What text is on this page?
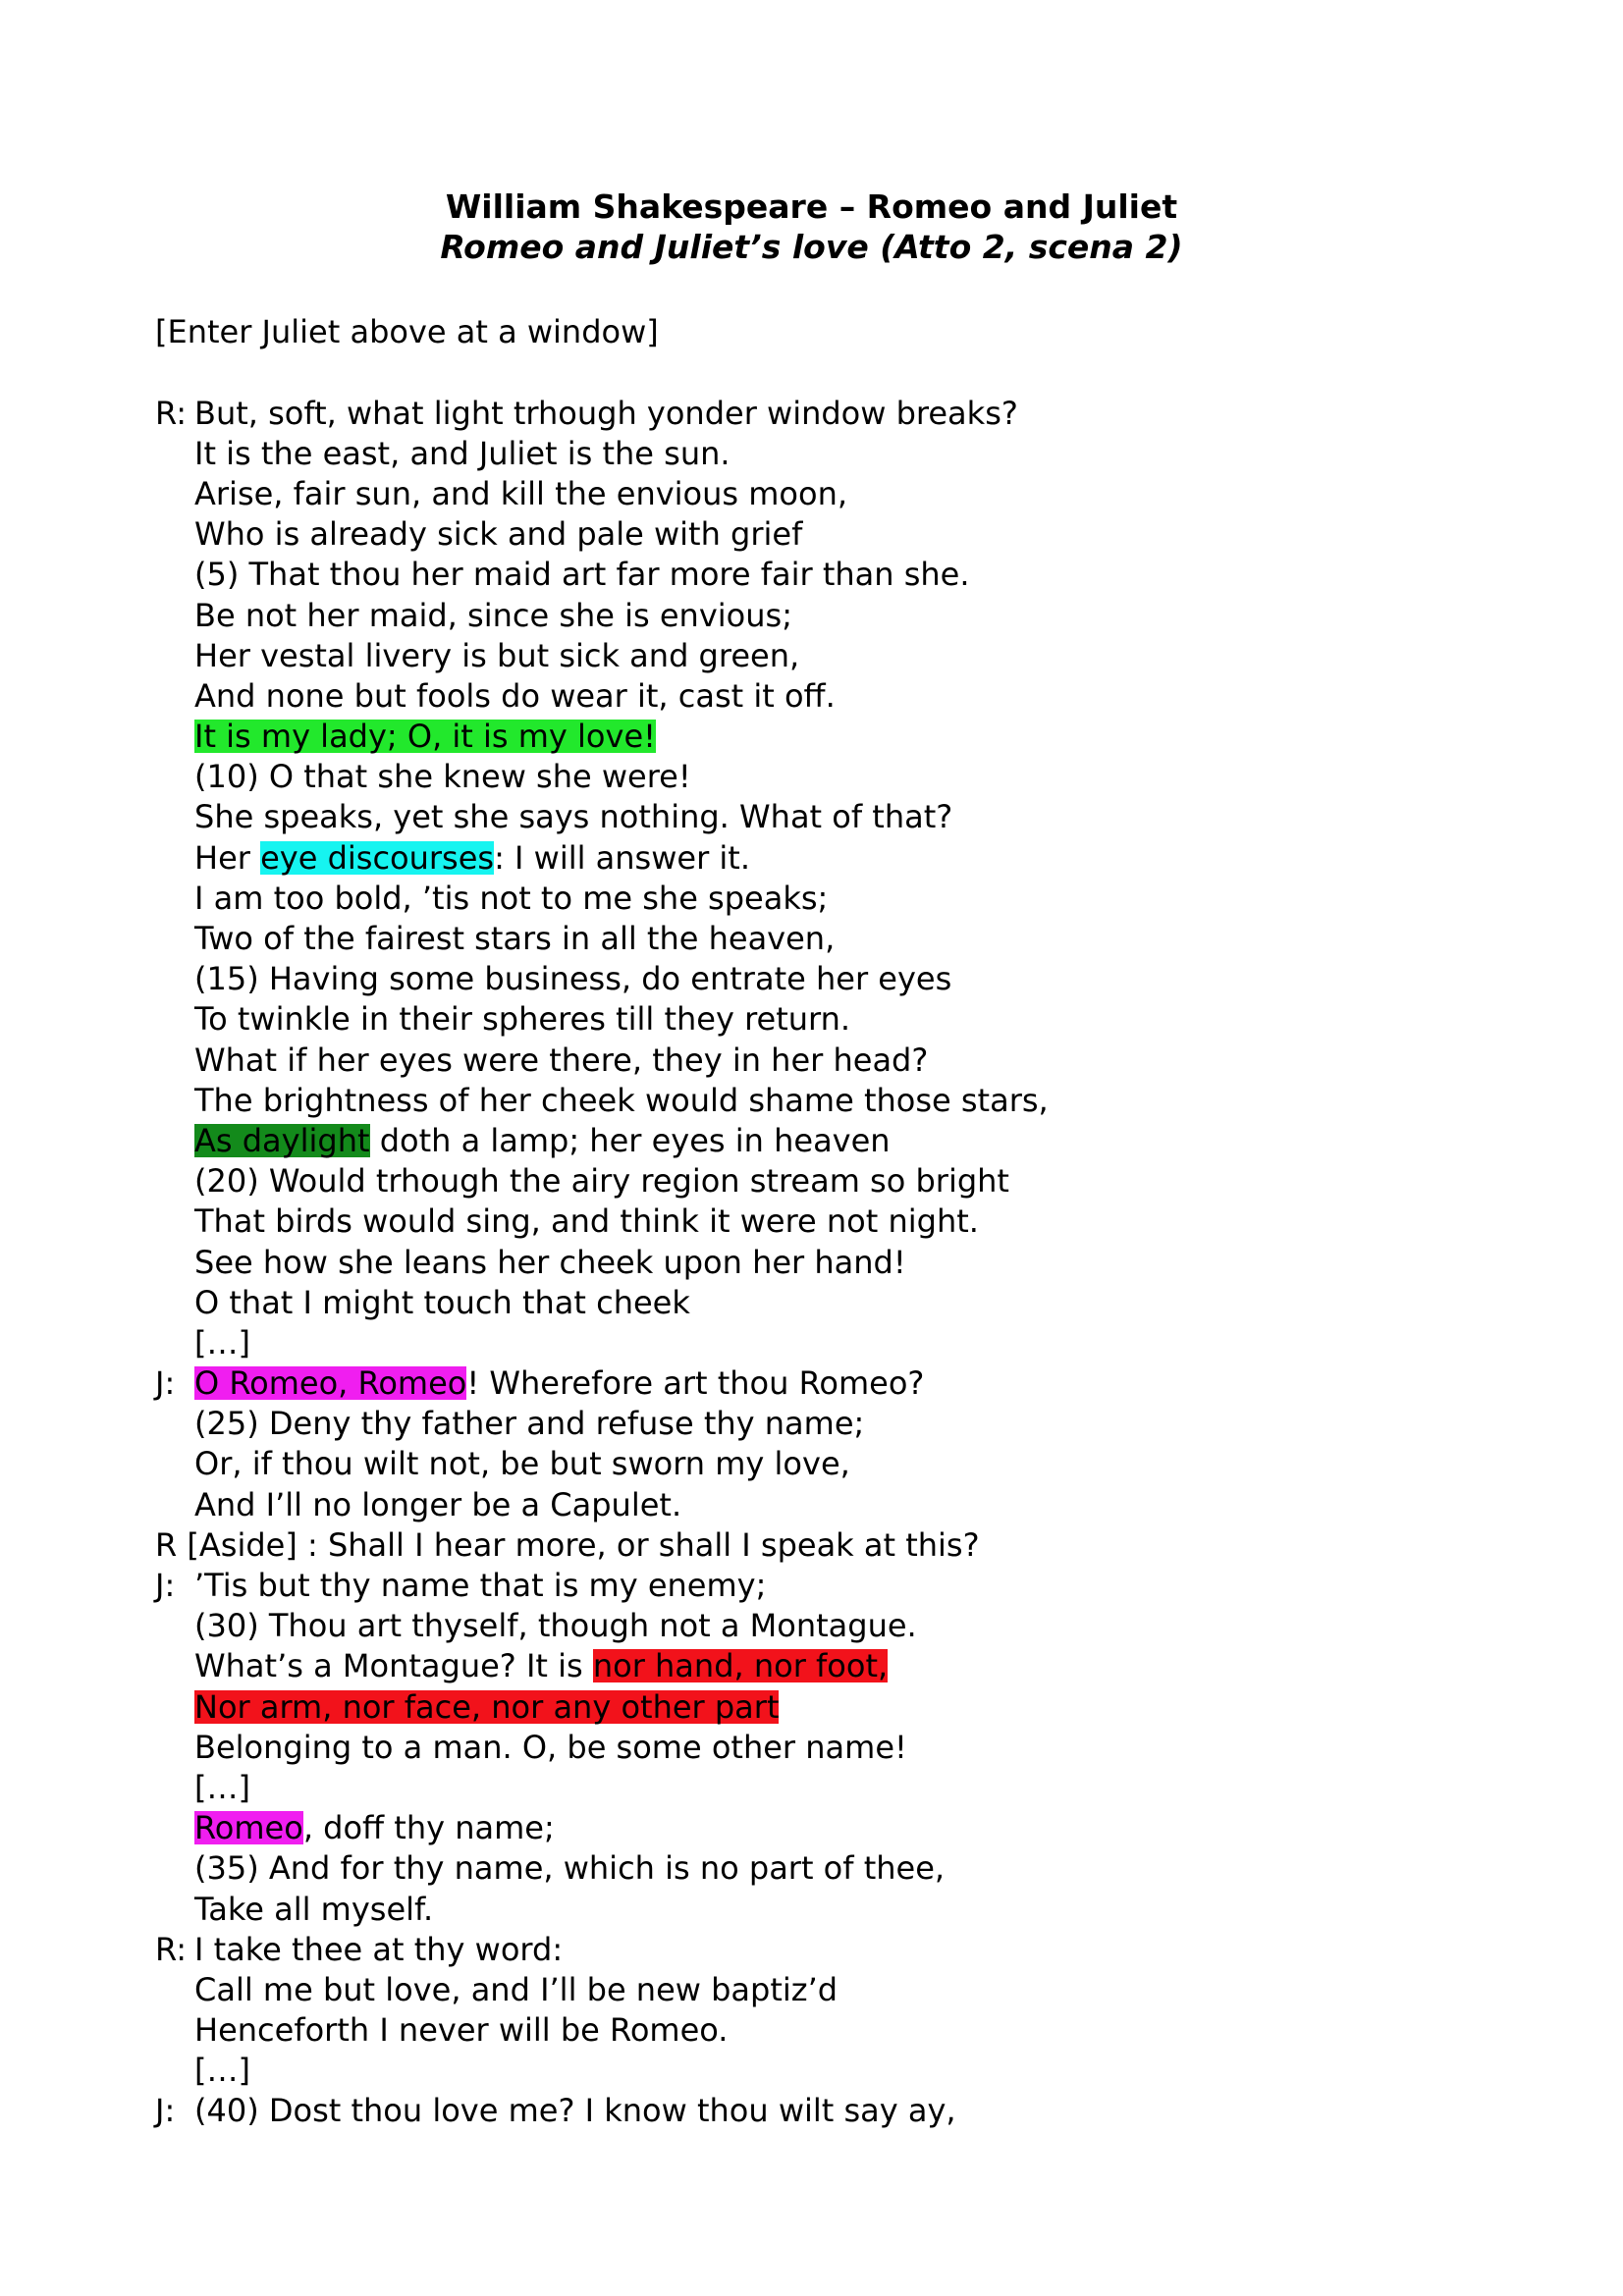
William Shakespeare – Romeo and Juliet
Romeo and Juliet’s love (Atto 2, scena 2)
[Enter Juliet above at a window]
R:
But, soft, what light trhough yonder window breaks?
It is the east, and Juliet is the sun.
Arise, fair sun, and kill the envious moon,
Who is already sick and pale with grief
(5) That thou her maid art far more fair than she.
Be not her maid, since she is envious;
Her vestal livery is but sick and green,
And none but fools do wear it, cast it off.
It is my lady; O, it is my love!
(10) O that she knew she were!
She speaks, yet she says nothing. What of that?
Her eye discourses: I will answer it.
I am too bold, ’tis not to me she speaks;
Two of the fairest stars in all the heaven,
(15) Having some business, do entrate her eyes
To twinkle in their spheres till they return.
What if her eyes were there, they in her head?
The brightness of her cheek would shame those stars,
As daylight doth a lamp; her eyes in heaven
(20) Would trhough the airy region stream so bright
That birds would sing, and think it were not night.
See how she leans her cheek upon her hand!
O that I might touch that cheek
[…]
J: O Romeo, Romeo! Wherefore art thou Romeo?
(25) Deny thy father and refuse thy name;
Or, if thou wilt not, be but sworn my love,
And I’ll no longer be a Capulet.
R [Aside] : Shall I hear more, or shall I speak at this?
J: ’Tis but thy name that is my enemy;
(30) Thou art thyself, though not a Montague.
What’s a Montague? It is nor hand, nor foot,
Nor arm, nor face, nor any other part
Belonging to a man. O, be some other name!
[…]
Romeo, doff thy name;
(35) And for thy name, which is no part of thee,
Take all myself.
R:
I take thee at thy word:
Call me but love, and I’ll be new baptiz’d
Henceforth I never will be Romeo.
[…]
J: (40) Dost thou love me? I know thou wilt say ay,
